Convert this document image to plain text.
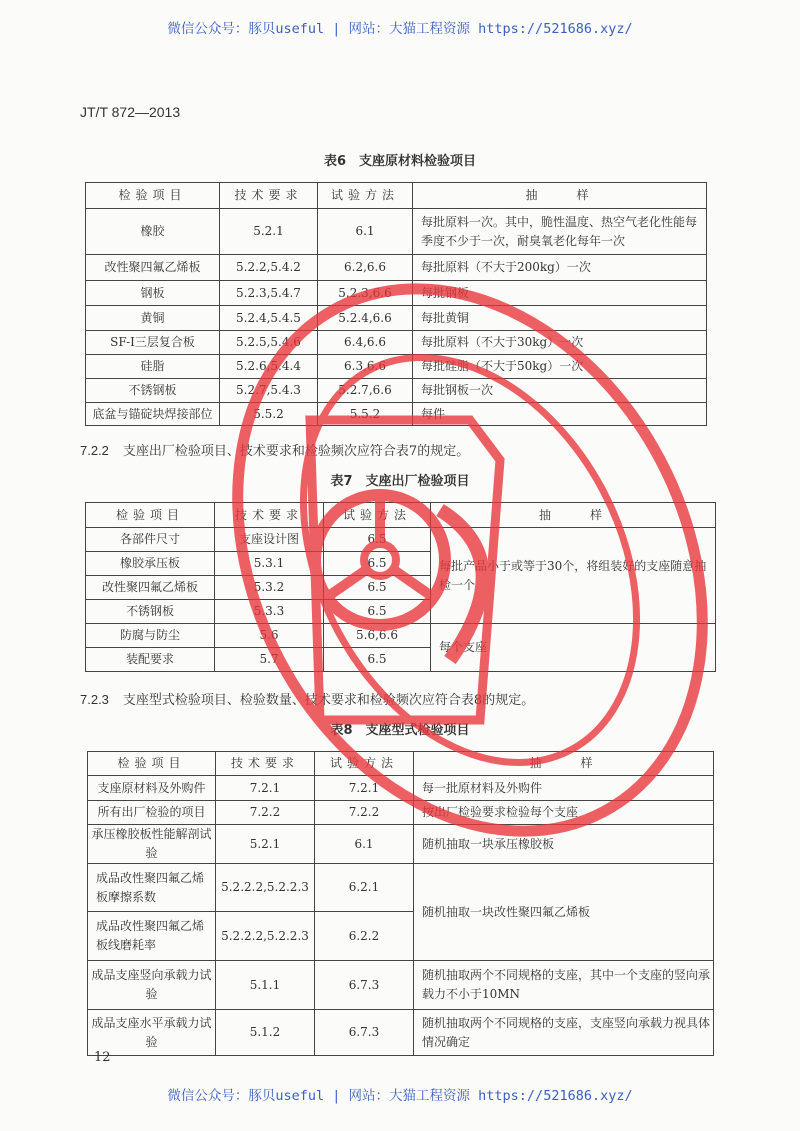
微信公众号：豚贝useful | 网站：大猫工程资源 https://521686.xyz/
JT/T 872—2013
表6　支座原材料检验项目
检验项目	技术要求	试验方法	抽　　样
橡胶	5.2.1	6.1	每批原料一次。其中，脆性温度、热空气老化性能每季度不少于一次，耐臭氧老化每年一次
改性聚四氟乙烯板	5.2.2,5.4.2	6.2,6.6	每批原料（不大于200kg）一次
钢板	5.2.3,5.4.7	5.2.3,6.6	每批钢板
黄铜	5.2.4,5.4.5	5.2.4,6.6	每批黄铜
SF-Ⅰ三层复合板	5.2.5,5.4.6	6.4,6.6	每批原料（不大于30kg）一次
硅脂	5.2.6,5.4.4	6.3,6.6	每批硅脂（不大于50kg）一次
不锈钢板	5.2.7,5.4.3	5.2.7,6.6	每批钢板一次
底盆与锚碇块焊接部位	5.5.2	5.5.2	每件
7.2.2 支座出厂检验项目、技术要求和检验频次应符合表7的规定。
表7　支座出厂检验项目
检验项目	技术要求	试验方法	抽　　样
各部件尺寸	支座设计图	6.5	每批产品小于或等于30个，将组装好的支座随意抽检一个
橡胶承压板	5.3.1	6.5	
改性聚四氟乙烯板	5.3.2	6.5	
不锈钢板	5.3.3	6.5	
防腐与防尘	5.6	5.6,6.6	每个支座
装配要求	5.7	6.5	
7.2.3 支座型式检验项目、检验数量、技术要求和检验频次应符合表8的规定。
表8　支座型式检验项目
检验项目	技术要求	试验方法	抽　　样
支座原材料及外购件	7.2.1	7.2.1	每一批原材料及外购件
所有出厂检验的项目	7.2.2	7.2.2	按出厂检验要求检验每个支座
承压橡胶板性能解剖试验	5.2.1	6.1	随机抽取一块承压橡胶板
成品改性聚四氟乙烯板摩擦系数	5.2.2.2,5.2.2.3	6.2.1	随机抽取一块改性聚四氟乙烯板
成品改性聚四氟乙烯板线磨耗率	5.2.2.2,5.2.2.3	6.2.2	
成品支座竖向承载力试验	5.1.1	6.7.3	随机抽取两个不同规格的支座，其中一个支座的竖向承载力不小于10MN
成品支座水平承载力试验	5.1.2	6.7.3	随机抽取两个不同规格的支座，支座竖向承载力视具体情况确定
12
微信公众号：豚贝useful | 网站：大猫工程资源 https://521686.xyz/
